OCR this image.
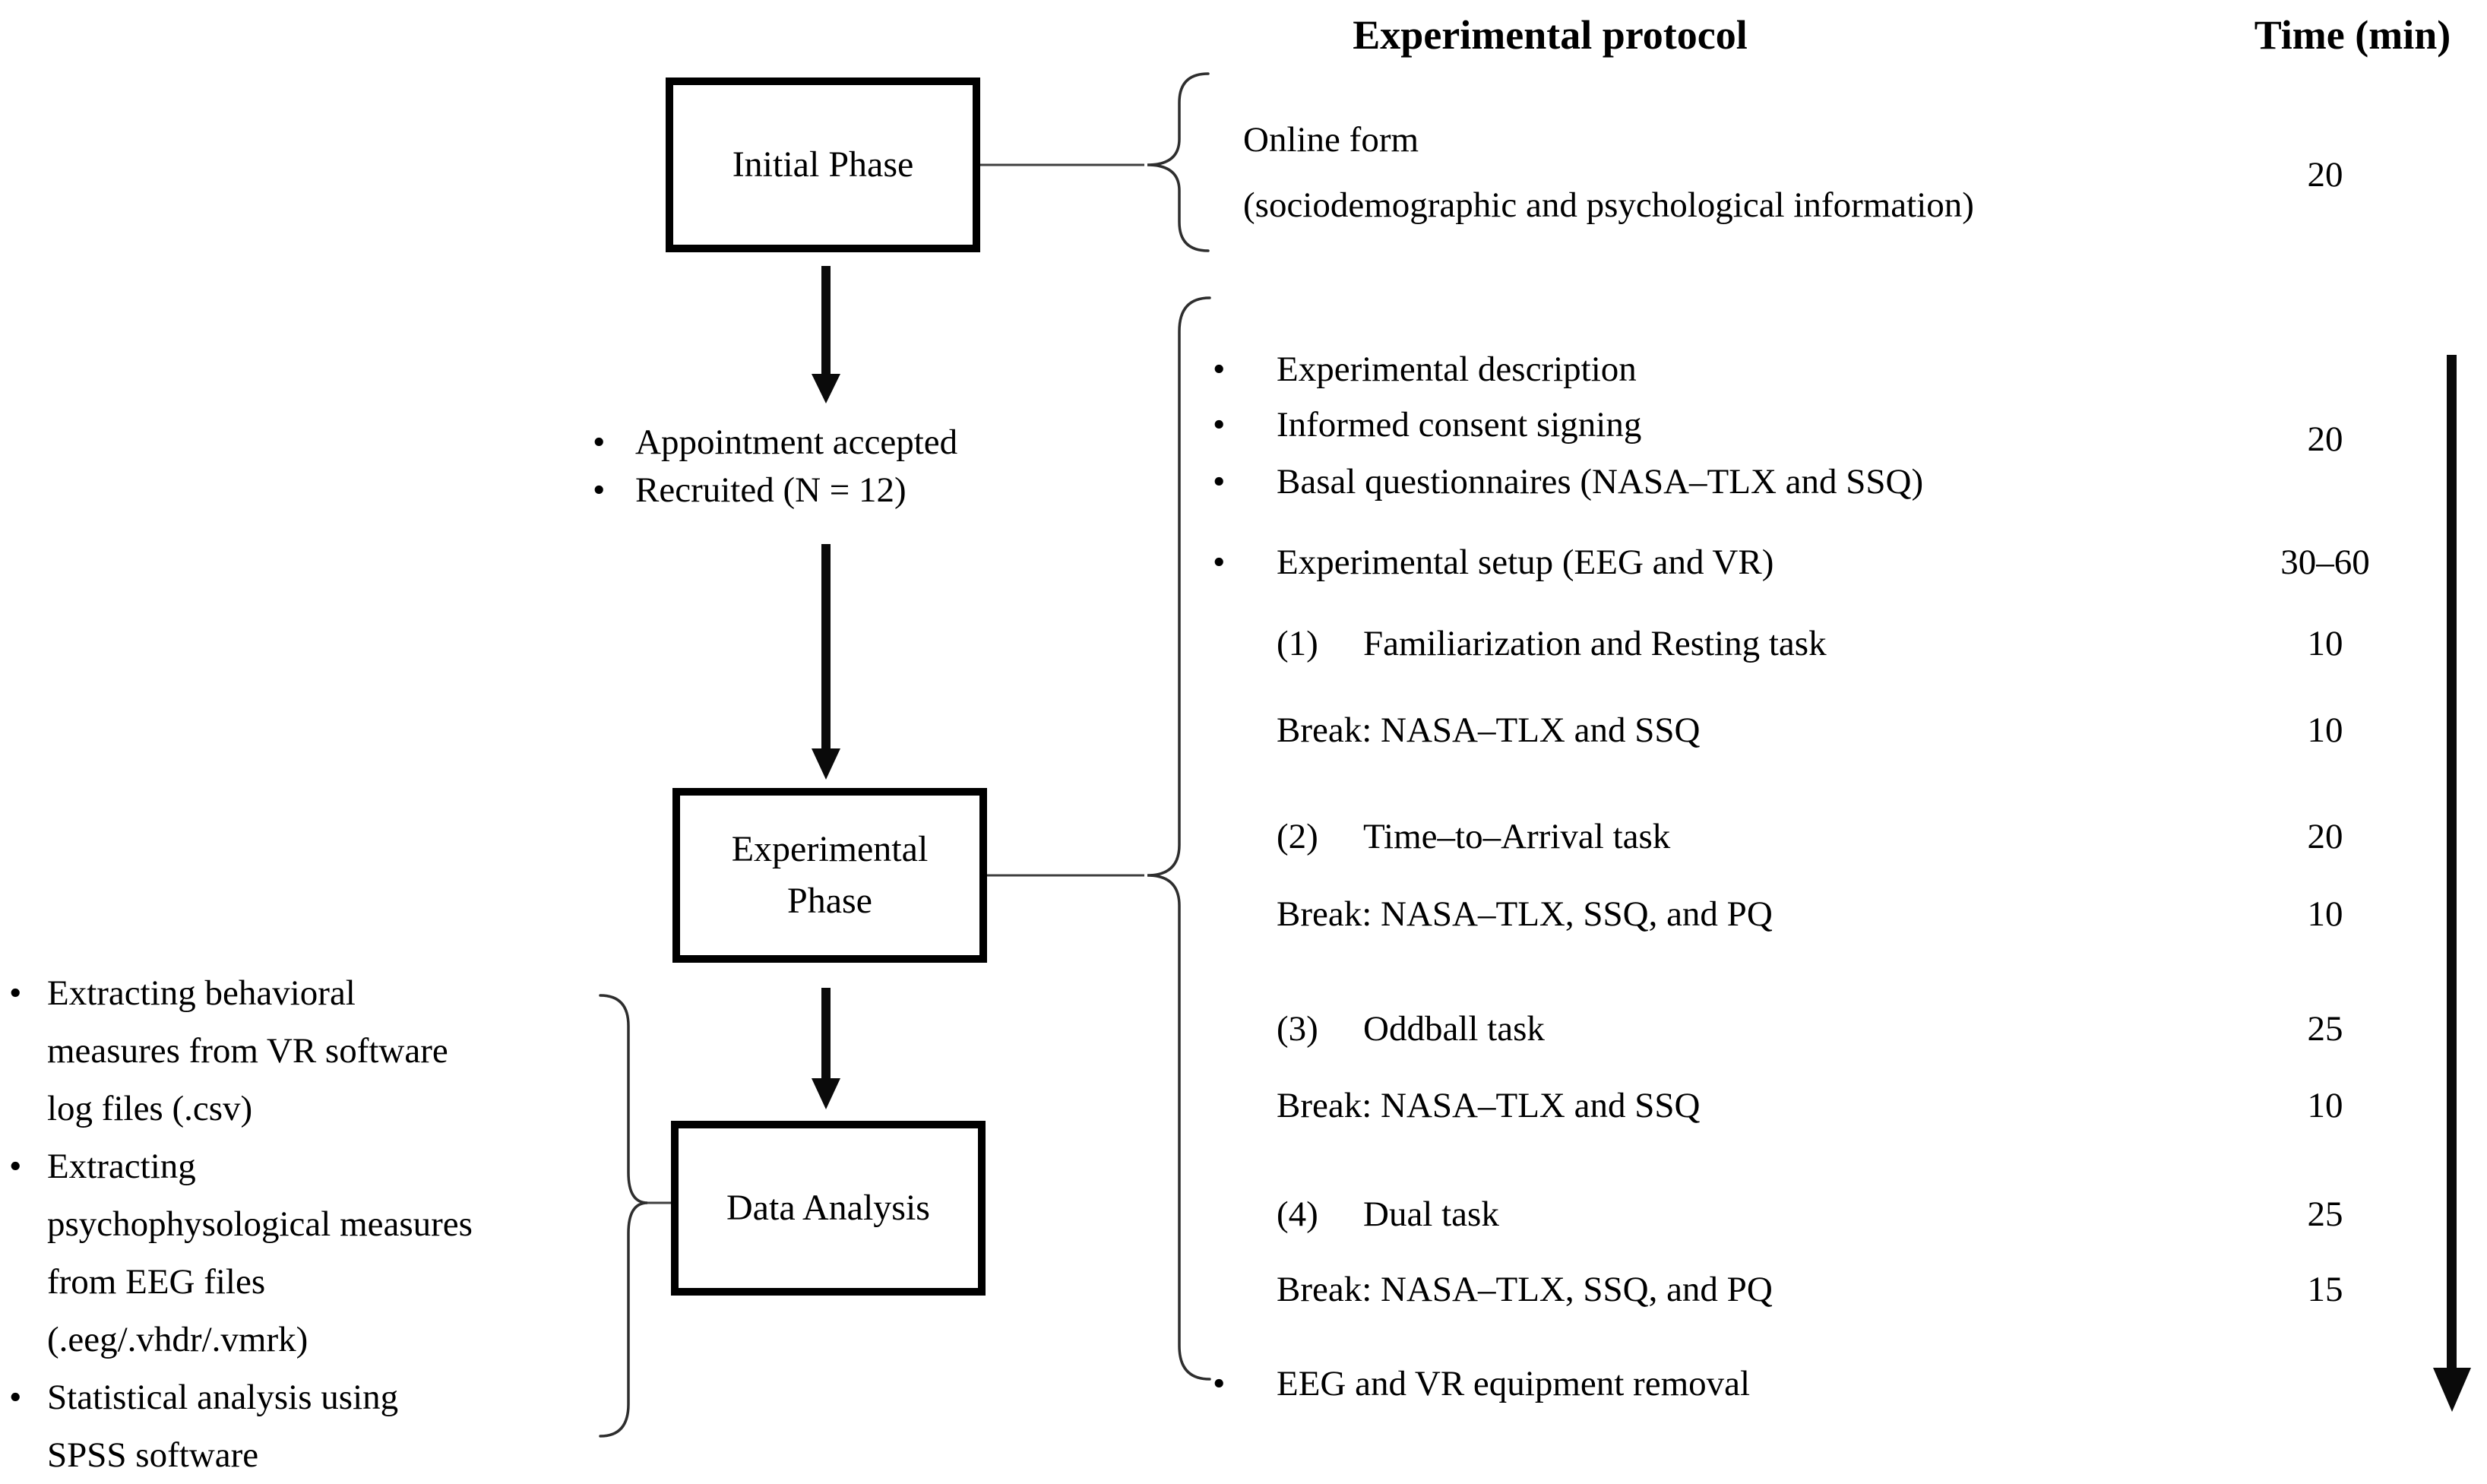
Experimental protocol	Time (min)
Initial Phase
Experimental Phase
Data Analysis
• Appointment accepted
• Recruited (N = 12)
• Extracting behavioral
measures from VR software
log files (.csv)
• Extracting
psychophysological measures
from EEG files
(.eeg/.vhdr/.vmrk)
• Statistical analysis using
SPSS software
Online form
(sociodemographic and psychological information)
• Experimental description
• Informed consent signing
• Basal questionnaires (NASA–TLX and SSQ)
• Experimental setup (EEG and VR)
(1) Familiarization and Resting task
Break: NASA–TLX and SSQ
(2) Time–to–Arrival task
Break: NASA–TLX, SSQ, and PQ
(3) Oddball task
Break: NASA–TLX and SSQ
(4) Dual task
Break: NASA–TLX, SSQ, and PQ
• EEG and VR equipment removal
20
20
30–60
10
10
20
10
25
10
25
15
